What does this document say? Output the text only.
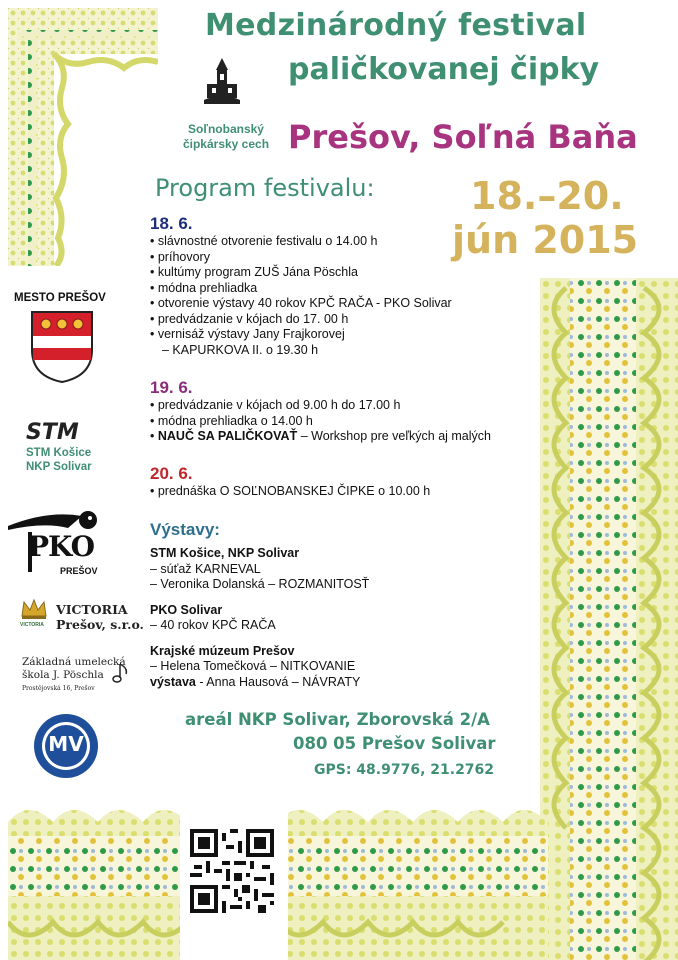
Medzinárodný festival
paličkovanej čipky
Soľnobanský
čipkársky cech Prešov, Soľná Baňa
Program festivalu:	18.–20.
jún 2015
18. 6.
• slávnostné otvorenie festivalu o 14.00 h
• príhovory
• kultúmy program ZUŠ Jána Pöschla
• módna prehliadka
• otvorenie výstavy 40 rokov KPČ RAČA - PKO Solivar
• predvádzanie v kójach do 17. 00 h
• vernisáž výstavy Jany Frajkorovej
– KAPURKOVA II. o 19.30 h
19. 6.
• predvádzanie v kójach od 9.00 h do 17.00 h
• módna prehliadka o 14.00 h
• NAUČ SA PALIČKOVAŤ – Workshop pre veľkých aj malých
20. 6.
• prednáška O SOĽNOBANSKEJ ČIPKE o 10.00 h
Výstavy:
STM Košice, NKP Solivar
– súťaž KARNEVAL
– Veronika Dolanská – ROZMANITOSŤ
PKO Solivar
– 40 rokov KPČ RAČA
Krajské múzeum Prešov
– Helena Tomečková – NITKOVANIE
výstava - Anna Hausová – NÁVRATY
areál NKP Solivar, Zborovská 2/A
080 05 Prešov Solivar
GPS: 48.9776, 21.2762
MESTO PREŠOV
STM
STM Košice
NKP Solivar
PKO
PREŠOV
VICTORIA
VICTORIA
Prešov, s.r.o.
Základná umelecká
škola J. Pöschla
Prostějovská 16, Prešov
MV
